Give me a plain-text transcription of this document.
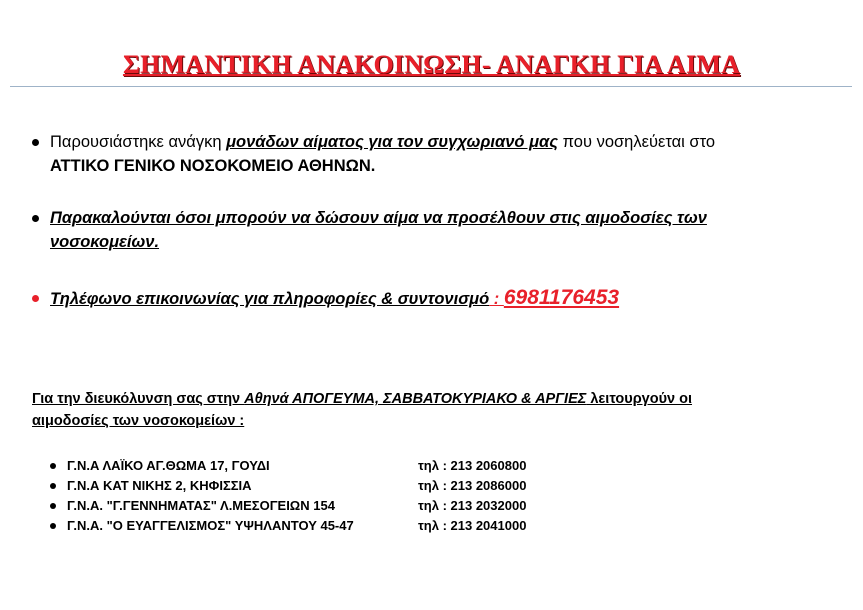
ΣΗΜΑΝΤΙΚΗ ΑΝΑΚΟΙΝΩΣΗ- ΑΝΑΓΚΗ ΓΙΑ ΑΙΜΑ
Παρουσιάστηκε ανάγκη μονάδων αίματος για τον συγχωριανό μας που νοσηλεύεται στο
ΑΤΤΙΚΟ ΓΕΝΙΚΟ ΝΟΣΟΚΟΜΕΙΟ ΑΘΗΝΩΝ.
Παρακαλούνται όσοι μπορούν να δώσουν αίμα να προσέλθουν στις αιμοδοσίες των
νοσοκομείων.
Τηλέφωνο επικοινωνίας για πληροφορίες & συντονισμό : 6981176453
Για την διευκόλυνση σας στην Αθηνά ΑΠΟΓΕΥΜΑ, ΣΑΒΒΑΤΟΚΥΡΙΑΚΟ & ΑΡΓΙΕΣ λειτουργούν οι
αιμοδοσίες των νοσοκομείων :
Γ.Ν.Α ΛΑΪΚΟ ΑΓ.ΘΩΜΑ 17, ΓΟΥΔΙ	τηλ : 213 2060800
Γ.Ν.Α ΚΑΤ ΝΙΚΗΣ 2, ΚΗΦΙΣΣΙΑ	τηλ : 213 2086000
Γ.Ν.Α. "Γ.ΓΕΝΝΗΜΑΤΑΣ" Λ.ΜΕΣΟΓΕΙΩΝ 154	τηλ : 213 2032000
Γ.Ν.Α. "Ο ΕΥΑΓΓΕΛΙΣΜΟΣ" ΥΨΗΛΑΝΤΟΥ 45-47	τηλ : 213 2041000
